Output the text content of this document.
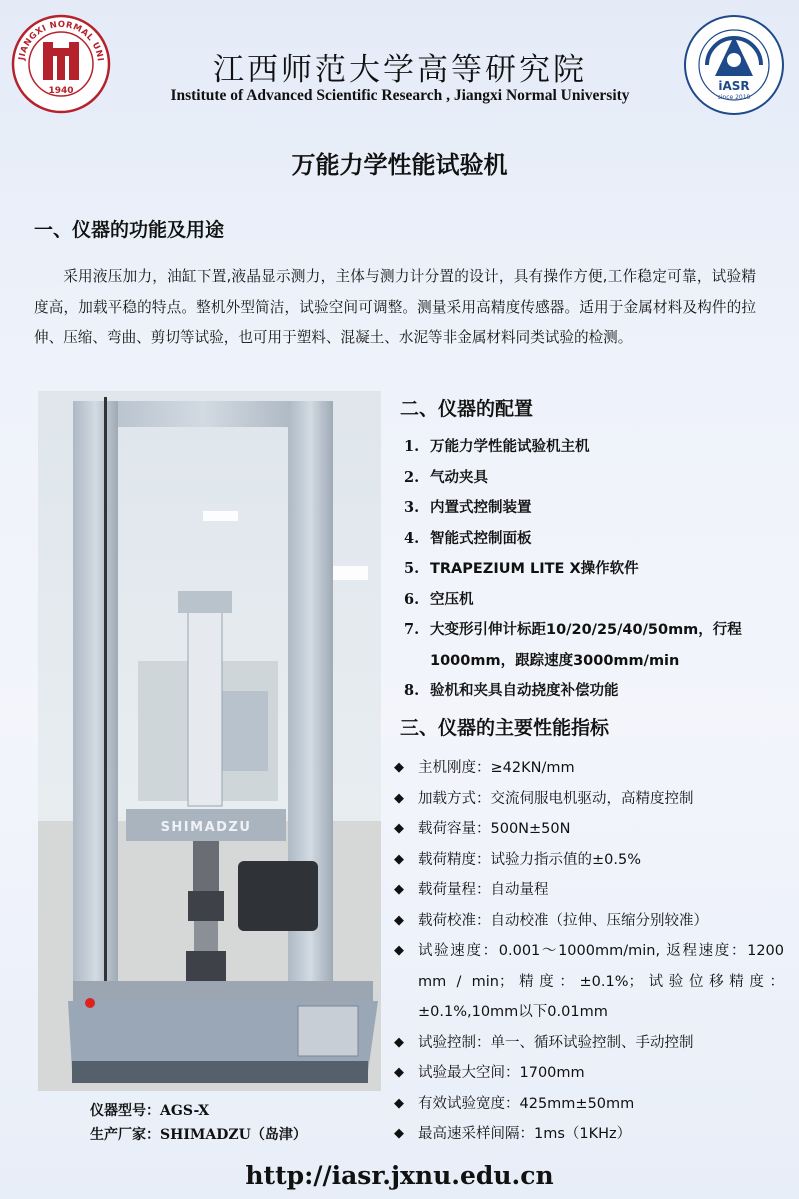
JIANGXI NORMAL UNI
1940	iASR
since 2019
江西师范大学高等研究院
Institute of Advanced Scientific Research , Jiangxi Normal University
万能力学性能试验机
一、仪器的功能及用途
采用液压加力，油缸下置,液晶显示测力，主体与测力计分置的设计，具有操作方便,工作稳定可靠，试验精度高，加载平稳的特点。整机外型简洁，试验空间可调整。测量采用高精度传感器。适用于金属材料及构件的拉伸、压缩、弯曲、剪切等试验，也可用于塑料、混凝土、水泥等非金属材料同类试验的检测。
SHIMADZU
仪器型号：AGS-X
生产厂家：SHIMADZU（岛津）
二、仪器的配置
1. 万能力学性能试验机主机
2. 气动夹具
3. 内置式控制装置
4. 智能式控制面板
5. TRAPEZIUM LITE X操作软件
6. 空压机
7. 大变形引伸计标距10/20/25/40/50mm，行程1000mm，跟踪速度3000mm/min
8. 验机和夹具自动挠度补偿功能
三、仪器的主要性能指标
◆ 主机刚度：≥42KN/mm
◆ 加载方式：交流伺服电机驱动，高精度控制
◆ 载荷容量：500N±50N
◆ 载荷精度：试验力指示值的±0.5%
◆ 载荷量程：自动量程
◆ 载荷校准：自动校准（拉伸、压缩分别较准）
◆ 试验速度：0.001～1000mm/min, 返程速度：1200 mm / min；精度：±0.1%；试验位移精度：±0.1%,10mm以下0.01mm
◆ 试验控制：单一、循环试验控制、手动控制
◆ 试验最大空间：1700mm
◆ 有效试验宽度：425mm±50mm
◆ 最高速采样间隔：1ms（1KHz）
http://iasr.jxnu.edu.cn
